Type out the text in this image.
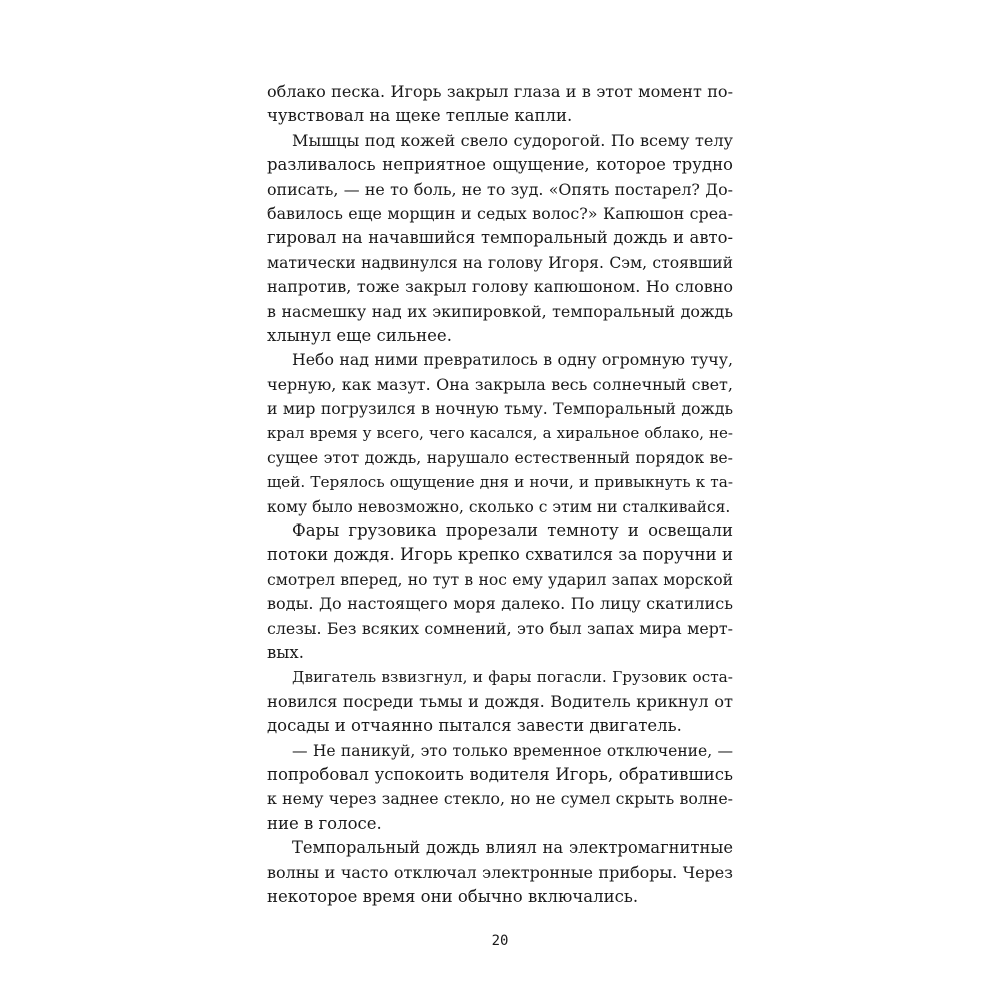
облако песка. Игорь закрыл глаза и в этот момент по-
чувствовал на щеке теплые капли.
Мышцы под кожей свело судорогой. По всему телу
разливалось неприятное ощущение, которое трудно
описать, — не то боль, не то зуд. «Опять постарел? До-
бавилось еще морщин и седых волос?» Капюшон среа-
гировал на начавшийся темпоральный дождь и авто-
матически надвинулся на голову Игоря. Сэм, стоявший
напротив, тоже закрыл голову капюшоном. Но словно
в насмешку над их экипировкой, темпоральный дождь
хлынул еще сильнее.
Небо над ними превратилось в одну огромную тучу,
черную, как мазут. Она закрыла весь солнечный свет,
и мир погрузился в ночную тьму. Темпоральный дождь
крал время у всего, чего касался, а хиральное облако, не-
сущее этот дождь, нарушало естественный порядок ве-
щей. Терялось ощущение дня и ночи, и привыкнуть к та-
кому было невозможно, сколько с этим ни сталкивайся.
Фары грузовика прорезали темноту и освещали
потоки дождя. Игорь крепко схватился за поручни и
смотрел вперед, но тут в нос ему ударил запах морской
воды. До настоящего моря далеко. По лицу скатились
слезы. Без всяких сомнений, это был запах мира мерт-
вых.
Двигатель взвизгнул, и фары погасли. Грузовик оста-
новился посреди тьмы и дождя. Водитель крикнул от
досады и отчаянно пытался завести двигатель.
— Не паникуй, это только временное отключение, —
попробовал успокоить водителя Игорь, обратившись
к нему через заднее стекло, но не сумел скрыть волне-
ние в голосе.
Темпоральный дождь влиял на электромагнитные
волны и часто отключал электронные приборы. Через
некоторое время они обычно включались.
20
